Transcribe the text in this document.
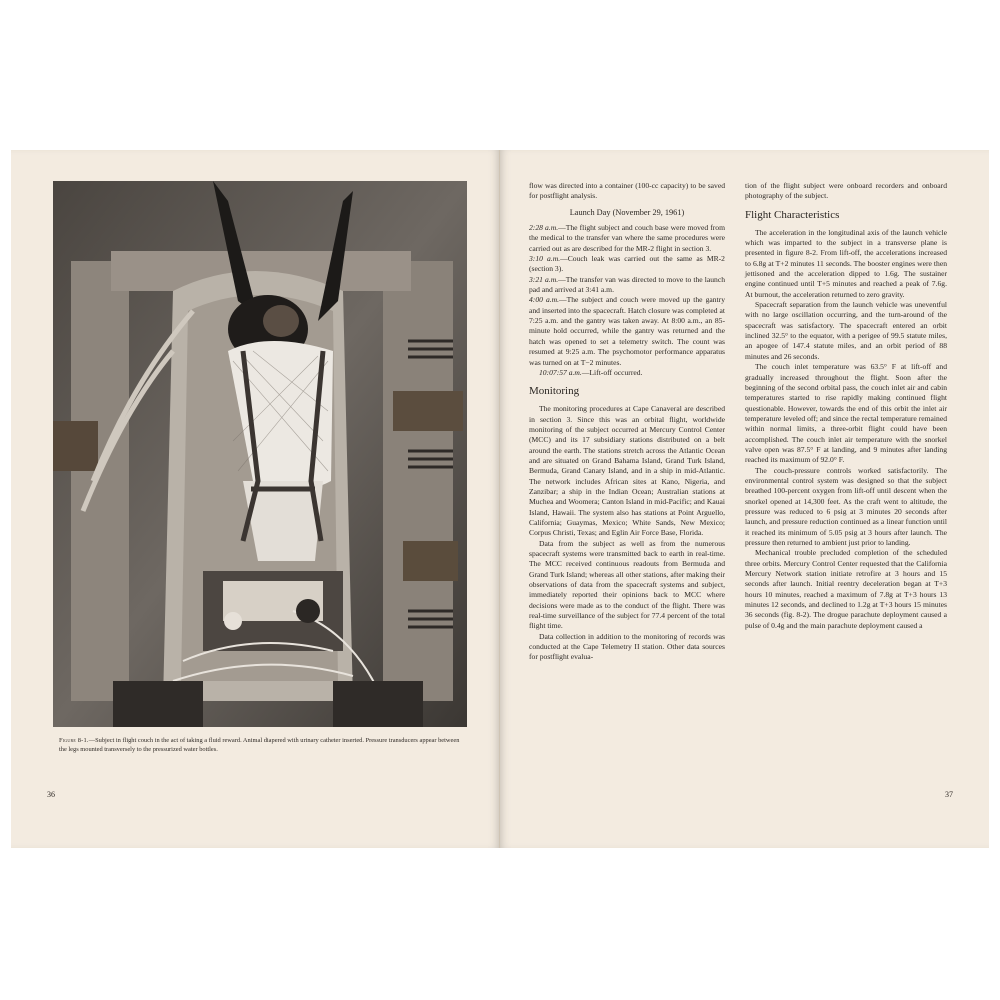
Figure 8-1.—Subject in flight couch in the act of taking a fluid reward. Animal diapered with urinary catheter inserted. Pressure transducers appear between the legs mounted transversely to the pressurized water bottles.
36	37

flow was directed into a container (100-cc capacity) to be saved for postflight analysis.

Launch Day (November 29, 1961)

2:28 a.m.—The flight subject and couch base were moved from the medical to the transfer van where the same procedures were carried out as are described for the MR-2 flight in section 3.

3:10 a.m.—Couch leak was carried out the same as MR-2 (section 3).

3:21 a.m.—The transfer van was directed to move to the launch pad and arrived at 3:41 a.m.

4:00 a.m.—The subject and couch were moved up the gantry and inserted into the spacecraft. Hatch closure was completed at 7:25 a.m. and the gantry was taken away. At 8:00 a.m., an 85-minute hold occurred, while the gantry was returned and the hatch was opened to set a telemetry switch. The count was resumed at 9:25 a.m. The psychomotor performance apparatus was turned on at T−2 minutes.

10:07:57 a.m.—Lift-off occurred.

Monitoring

The monitoring procedures at Cape Canaveral are described in section 3. Since this was an orbital flight, worldwide monitoring of the subject occurred at Mercury Control Center (MCC) and its 17 subsidiary stations distributed on a belt around the earth. The stations stretch across the Atlantic Ocean and are situated on Grand Bahama Island, Grand Turk Island, Bermuda, Grand Canary Island, and in a ship in mid-Atlantic. The network includes African sites at Kano, Nigeria, and Zanzibar; a ship in the Indian Ocean; Australian stations at Muchea and Woomera; Canton Island in mid-Pacific; and Kauai Island, Hawaii. The system also has stations at Point Arguello, California; Guaymas, Mexico; White Sands, New Mexico; Corpus Christi, Texas; and Eglin Air Force Base, Florida.

Data from the subject as well as from the numerous spacecraft systems were transmitted back to earth in real-time. The MCC received continuous readouts from Bermuda and Grand Turk Island; whereas all other stations, after making their observations of data from the spacecraft systems and subject, immediately reported their opinions back to MCC where decisions were made as to the conduct of the flight. There was real-time surveillance of the subject for 77.4 percent of the total flight time.

Data collection in addition to the monitoring of records was conducted at the Cape Telemetry II station. Other data sources for postflight evalua-

tion of the flight subject were onboard recorders and onboard photography of the subject.

Flight Characteristics

The acceleration in the longitudinal axis of the launch vehicle which was imparted to the subject in a transverse plane is presented in figure 8-2. From lift-off, the accelerations increased to 6.8g at T+2 minutes 11 seconds. The booster engines were then jettisoned and the acceleration dipped to 1.6g. The sustainer engine continued until T+5 minutes and reached a peak of 7.6g. At burnout, the acceleration returned to zero gravity.

Spacecraft separation from the launch vehicle was uneventful with no large oscillation occurring, and the turn-around of the spacecraft was satisfactory. The spacecraft entered an orbit inclined 32.5° to the equator, with a perigee of 99.5 statute miles, an apogee of 147.4 statute miles, and an orbit period of 88 minutes and 26 seconds.

The couch inlet temperature was 63.5° F at lift-off and gradually increased throughout the flight. Soon after the beginning of the second orbital pass, the couch inlet air and cabin temperatures started to rise rapidly making continued flight questionable. However, towards the end of this orbit the inlet air temperature leveled off; and since the rectal temperature remained within normal limits, a three-orbit flight could have been accomplished. The couch inlet air temperature with the snorkel valve open was 87.5° F at landing, and 9 minutes after landing reached its maximum of 92.0° F.

The couch-pressure controls worked satisfactorily. The environmental control system was designed so that the subject breathed 100-percent oxygen from lift-off until descent when the snorkel opened at 14,300 feet. As the craft went to altitude, the pressure was reduced to 6 psig at 3 minutes 20 seconds after launch, and pressure reduction continued as a linear function until it reached its minimum of 5.05 psig at 3 hours after launch. The pressure then returned to ambient just prior to landing.

Mechanical trouble precluded completion of the scheduled three orbits. Mercury Control Center requested that the California Mercury Network station initiate retrofire at 3 hours and 15 seconds after launch. Initial reentry deceleration began at T+3 hours 10 minutes, reached a maximum of 7.8g at T+3 hours 13 minutes 12 seconds, and declined to 1.2g at T+3 hours 15 minutes 36 seconds (fig. 8-2). The drogue parachute deployment caused a pulse of 0.4g and the main parachute deployment caused a
